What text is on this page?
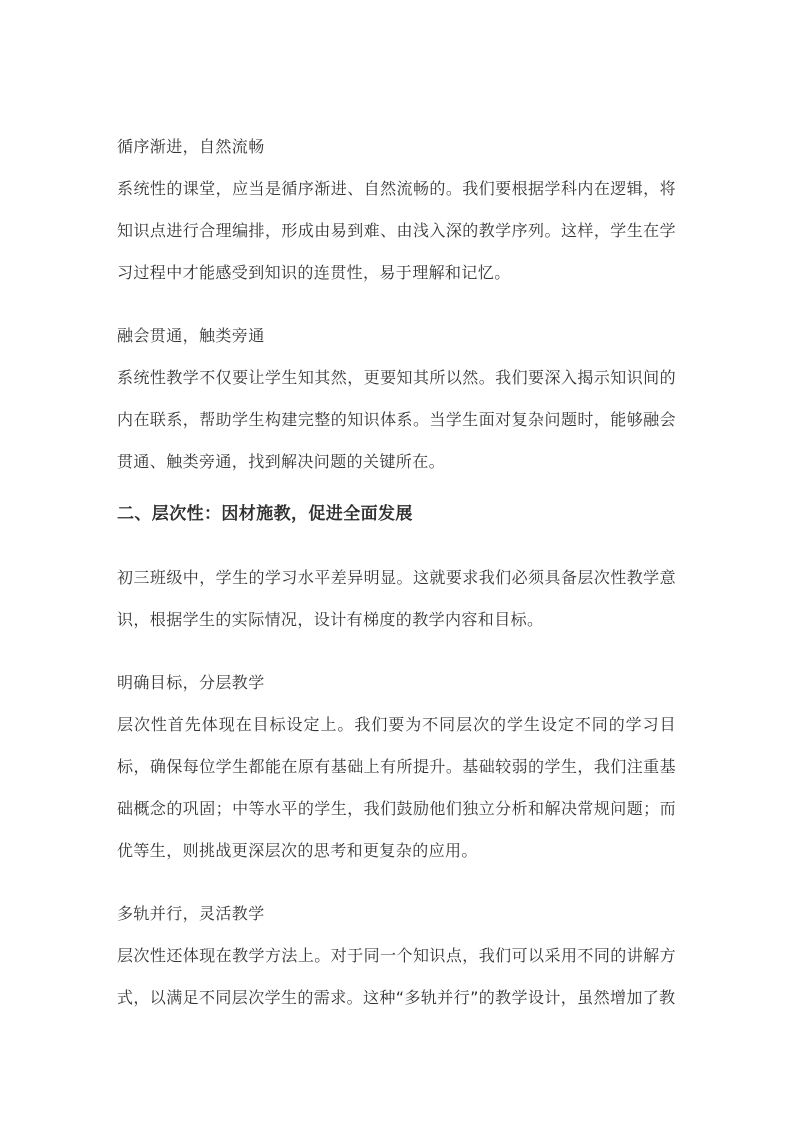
循序渐进，自然流畅

系统性的课堂，应当是循序渐进、自然流畅的。我们要根据学科内在逻辑，将知识点进行合理编排，形成由易到难、由浅入深的教学序列。这样，学生在学习过程中才能感受到知识的连贯性，易于理解和记忆。

融会贯通，触类旁通

系统性教学不仅要让学生知其然，更要知其所以然。我们要深入揭示知识间的内在联系，帮助学生构建完整的知识体系。当学生面对复杂问题时，能够融会贯通、触类旁通，找到解决问题的关键所在。

二、层次性：因材施教，促进全面发展

初三班级中，学生的学习水平差异明显。这就要求我们必须具备层次性教学意识，根据学生的实际情况，设计有梯度的教学内容和目标。

明确目标，分层教学

层次性首先体现在目标设定上。我们要为不同层次的学生设定不同的学习目标，确保每位学生都能在原有基础上有所提升。基础较弱的学生，我们注重基础概念的巩固；中等水平的学生，我们鼓励他们独立分析和解决常规问题；而优等生，则挑战更深层次的思考和更复杂的应用。

多轨并行，灵活教学

层次性还体现在教学方法上。对于同一个知识点，我们可以采用不同的讲解方式，以满足不同层次学生的需求。这种“多轨并行”的教学设计，虽然增加了教
